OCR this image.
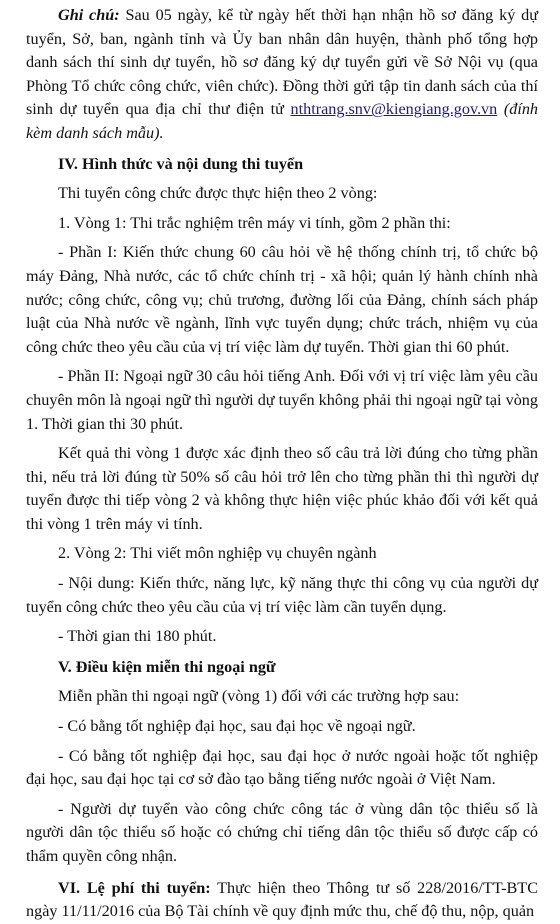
Ghi chú: Sau 05 ngày, kể từ ngày hết thời hạn nhận hồ sơ đăng ký dự tuyển, Sở, ban, ngành tỉnh và Ủy ban nhân dân huyện, thành phố tổng hợp danh sách thí sinh dự tuyển, hồ sơ đăng ký dự tuyển gửi về Sở Nội vụ (qua Phòng Tổ chức công chức, viên chức). Đồng thời gửi tập tin danh sách của thí sinh dự tuyển qua địa chỉ thư điện tử nthtrang.snv@kiengiang.gov.vn (đính kèm danh sách mẫu).

IV. Hình thức và nội dung thi tuyển

Thi tuyển công chức được thực hiện theo 2 vòng:

1. Vòng 1: Thi trắc nghiệm trên máy vi tính, gồm 2 phần thi:

- Phần I: Kiến thức chung 60 câu hỏi về hệ thống chính trị, tổ chức bộ máy Đảng, Nhà nước, các tổ chức chính trị - xã hội; quản lý hành chính nhà nước; công chức, công vụ; chủ trương, đường lối của Đảng, chính sách pháp luật của Nhà nước về ngành, lĩnh vực tuyển dụng; chức trách, nhiệm vụ của công chức theo yêu cầu của vị trí việc làm dự tuyển. Thời gian thi 60 phút.

- Phần II: Ngoại ngữ 30 câu hỏi tiếng Anh. Đối với vị trí việc làm yêu cầu chuyên môn là ngoại ngữ thì người dự tuyển không phải thi ngoại ngữ tại vòng 1. Thời gian thi 30 phút.

Kết quả thi vòng 1 được xác định theo số câu trả lời đúng cho từng phần thi, nếu trả lời đúng từ 50% số câu hỏi trở lên cho từng phần thi thì người dự tuyển được thi tiếp vòng 2 và không thực hiện việc phúc khảo đối với kết quả thi vòng 1 trên máy vi tính.

2. Vòng 2: Thi viết môn nghiệp vụ chuyên ngành

- Nội dung: Kiến thức, năng lực, kỹ năng thực thi công vụ của người dự tuyển công chức theo yêu cầu của vị trí việc làm cần tuyển dụng.

- Thời gian thi 180 phút.

V. Điều kiện miễn thi ngoại ngữ

Miễn phần thi ngoại ngữ (vòng 1) đối với các trường hợp sau:

- Có bằng tốt nghiệp đại học, sau đại học về ngoại ngữ.

- Có bằng tốt nghiệp đại học, sau đại học ở nước ngoài hoặc tốt nghiệp đại học, sau đại học tại cơ sở đào tạo bằng tiếng nước ngoài ở Việt Nam.

- Người dự tuyển vào công chức công tác ở vùng dân tộc thiểu số là người dân tộc thiểu số hoặc có chứng chỉ tiếng dân tộc thiểu số được cấp có thẩm quyền công nhận.

VI. Lệ phí thi tuyển: Thực hiện theo Thông tư số 228/2016/TT-BTC ngày 11/11/2016 của Bộ Tài chính về quy định mức thu, chế độ thu, nộp, quản
